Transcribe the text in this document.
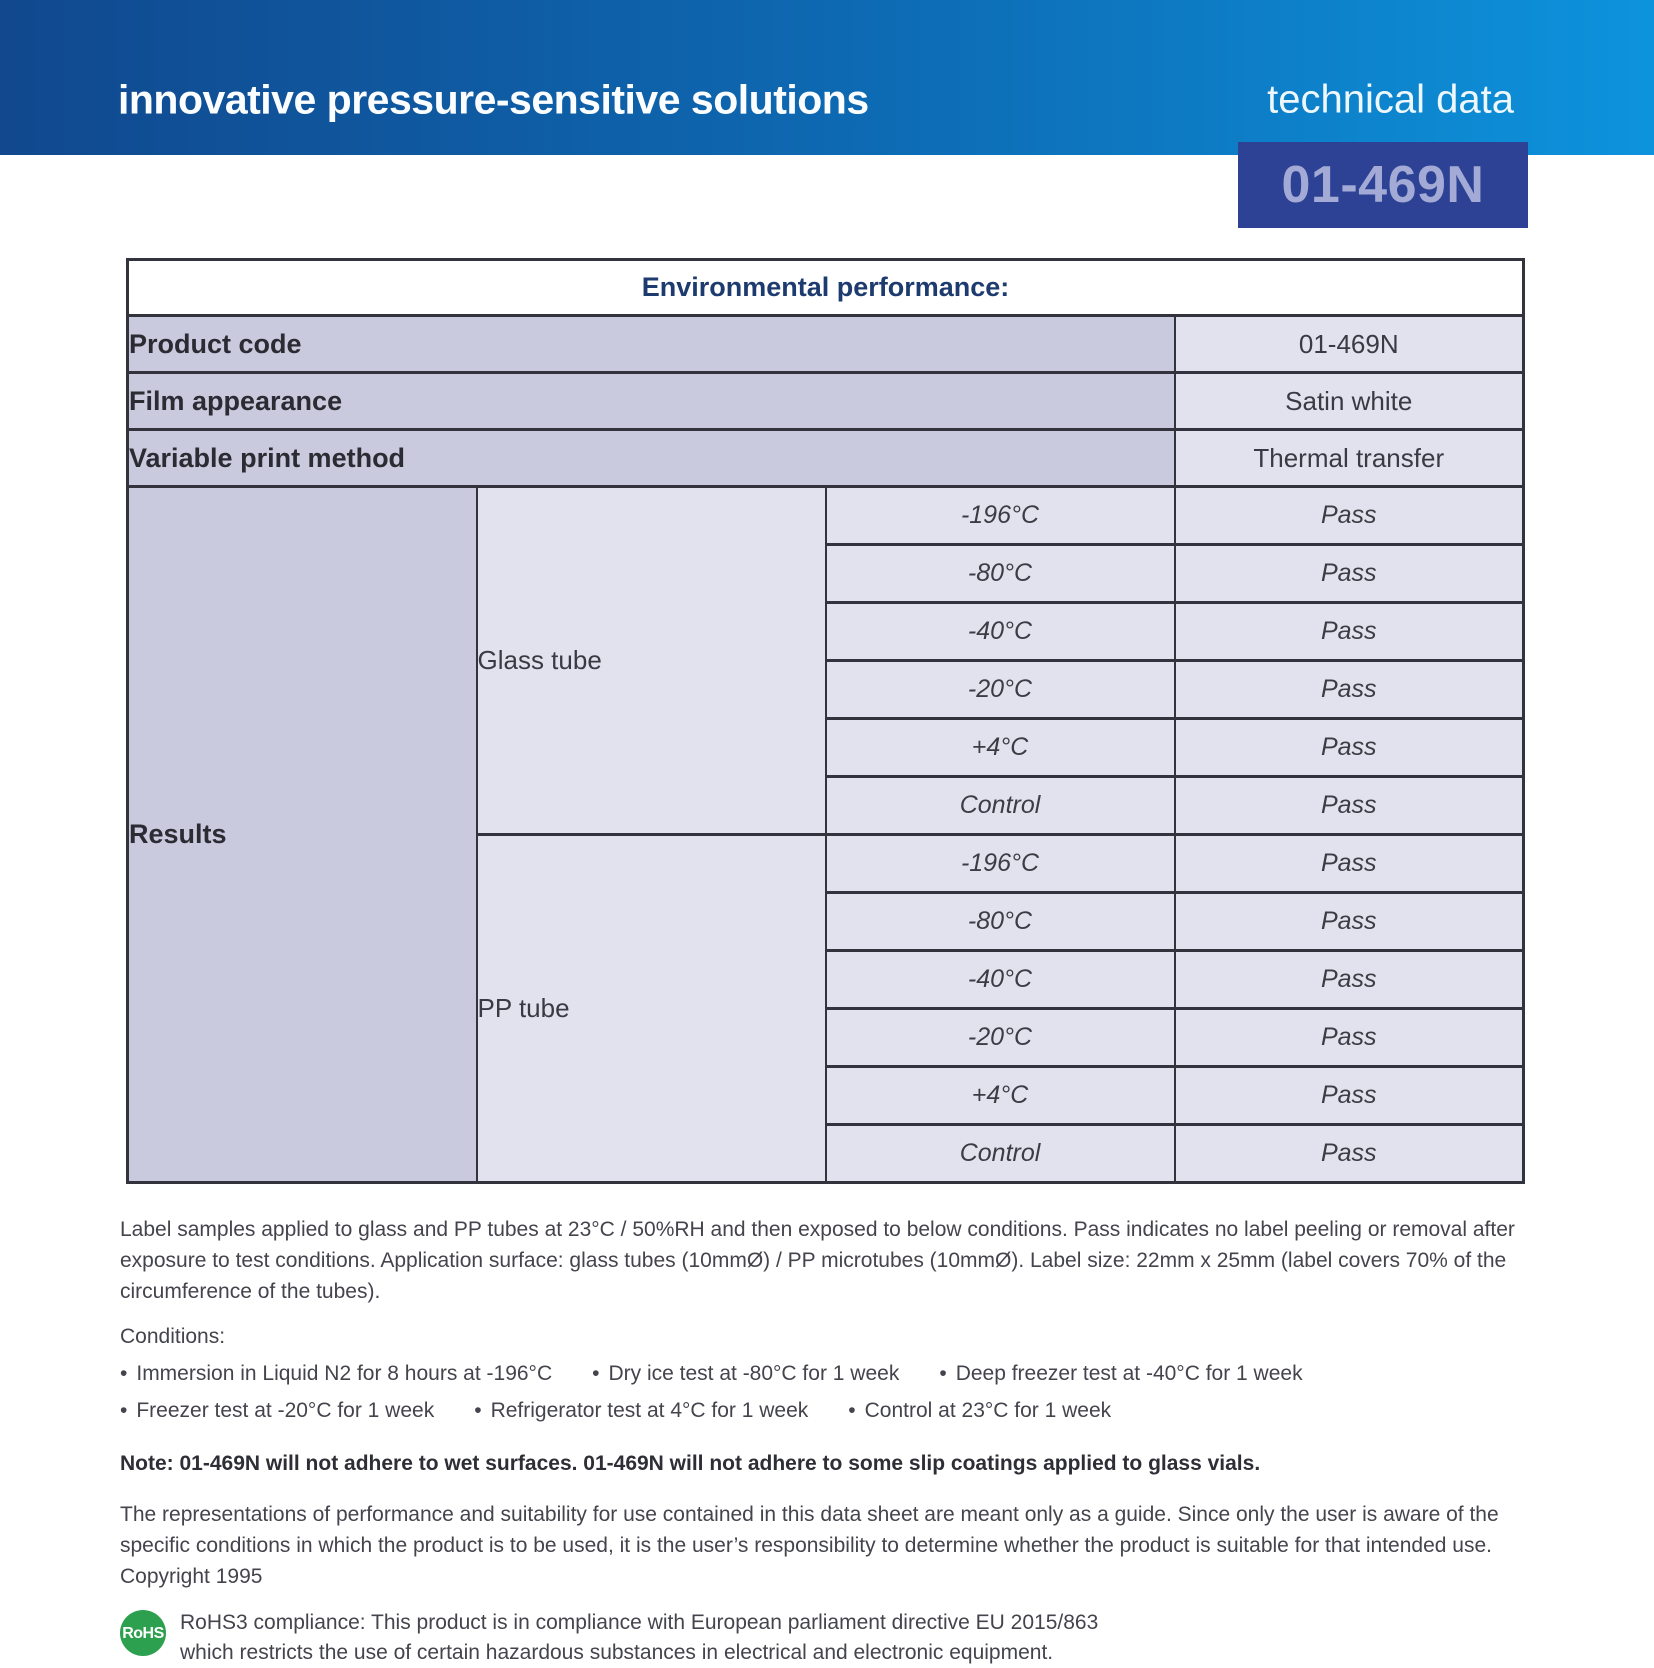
innovative pressure-sensitive solutions	technical data
01-469N
Environmental performance:			
Product code			01-469N
Film appearance			Satin white
Variable print method			Thermal transfer
Results	Glass tube	-196°C	Pass
		-80°C	Pass
		-40°C	Pass
		-20°C	Pass
		+4°C	Pass
		Control	Pass
	PP tube	-196°C	Pass
		-80°C	Pass
		-40°C	Pass
		-20°C	Pass
		+4°C	Pass
		Control	Pass

Label samples applied to glass and PP tubes at 23°C / 50%RH and then exposed to below conditions. Pass indicates no label peeling or removal after exposure to test conditions. Application surface: glass tubes (10mmØ) / PP microtubes (10mmØ). Label size: 22mm x 25mm (label covers 70% of the circumference of the tubes).

Conditions:
• Immersion in Liquid N2 for 8 hours at -196°C • Dry ice test at -80°C for 1 week • Deep freezer test at -40°C for 1 week
• Freezer test at -20°C for 1 week • Refrigerator test at 4°C for 1 week • Control at 23°C for 1 week
Note: 01-469N will not adhere to wet surfaces. 01-469N will not adhere to some slip coatings applied to glass vials.
The representations of performance and suitability for use contained in this data sheet are meant only as a guide. Since only the user is aware of the specific conditions in which the product is to be used, it is the user’s responsibility to determine whether the product is suitable for that intended use. Copyright 1995
RoHS RoHS3 compliance: This product is in compliance with European parliament directive EU 2015/863
which restricts the use of certain hazardous substances in electrical and electronic equipment.
